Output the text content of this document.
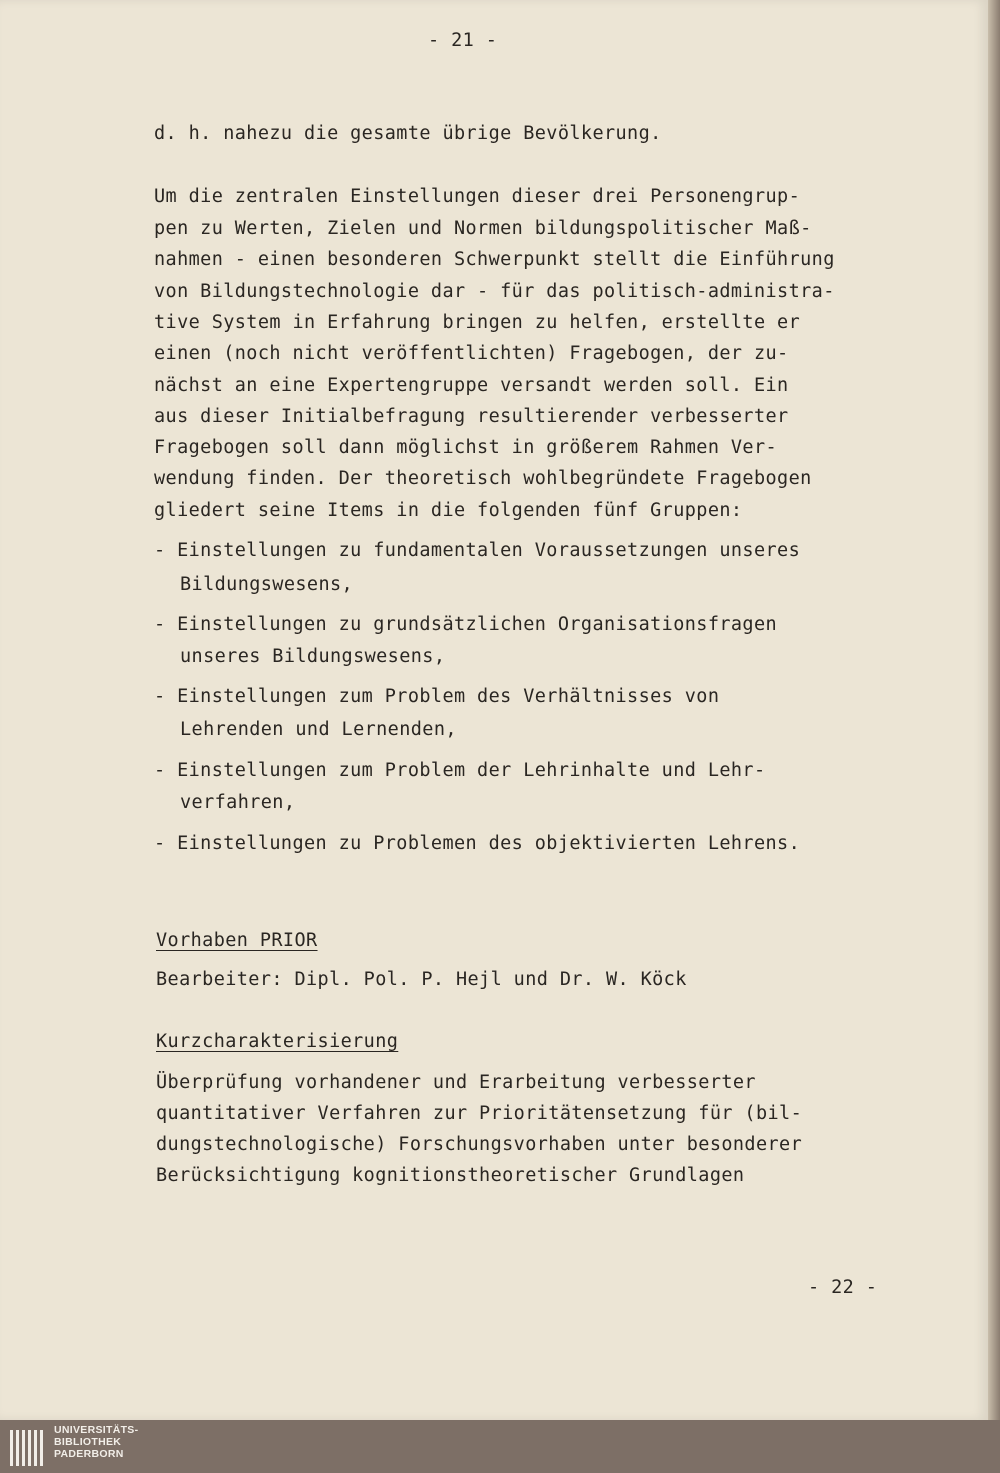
- 21 -
d. h. nahezu die gesamte übrige Bevölkerung.
Um die zentralen Einstellungen dieser drei Personengrup-
pen zu Werten, Zielen und Normen bildungspolitischer Maß-
nahmen - einen besonderen Schwerpunkt stellt die Einführung
von Bildungstechnologie dar - für das politisch-administra-
tive System in Erfahrung bringen zu helfen, erstellte er
einen (noch nicht veröffentlichten) Fragebogen, der zu-
nächst an eine Expertengruppe versandt werden soll. Ein
aus dieser Initialbefragung resultierender verbesserter
Fragebogen soll dann möglichst in größerem Rahmen Ver-
wendung finden. Der theoretisch wohlbegründete Fragebogen
gliedert seine Items in die folgenden fünf Gruppen:
- Einstellungen zu fundamentalen Voraussetzungen unseres
Bildungswesens,
- Einstellungen zu grundsätzlichen Organisationsfragen
unseres Bildungswesens,
- Einstellungen zum Problem des Verhältnisses von
Lehrenden und Lernenden,
- Einstellungen zum Problem der Lehrinhalte und Lehr-
verfahren,
- Einstellungen zu Problemen des objektivierten Lehrens.
Vorhaben PRIOR
Bearbeiter: Dipl. Pol. P. Hejl und Dr. W. Köck
Kurzcharakterisierung
Überprüfung vorhandener und Erarbeitung verbesserter
quantitativer Verfahren zur Prioritätensetzung für (bil-
dungstechnologische) Forschungsvorhaben unter besonderer
Berücksichtigung kognitionstheoretischer Grundlagen
- 22 -
UNIVERSITÄTS-
BIBLIOTHEK
PADERBORN
